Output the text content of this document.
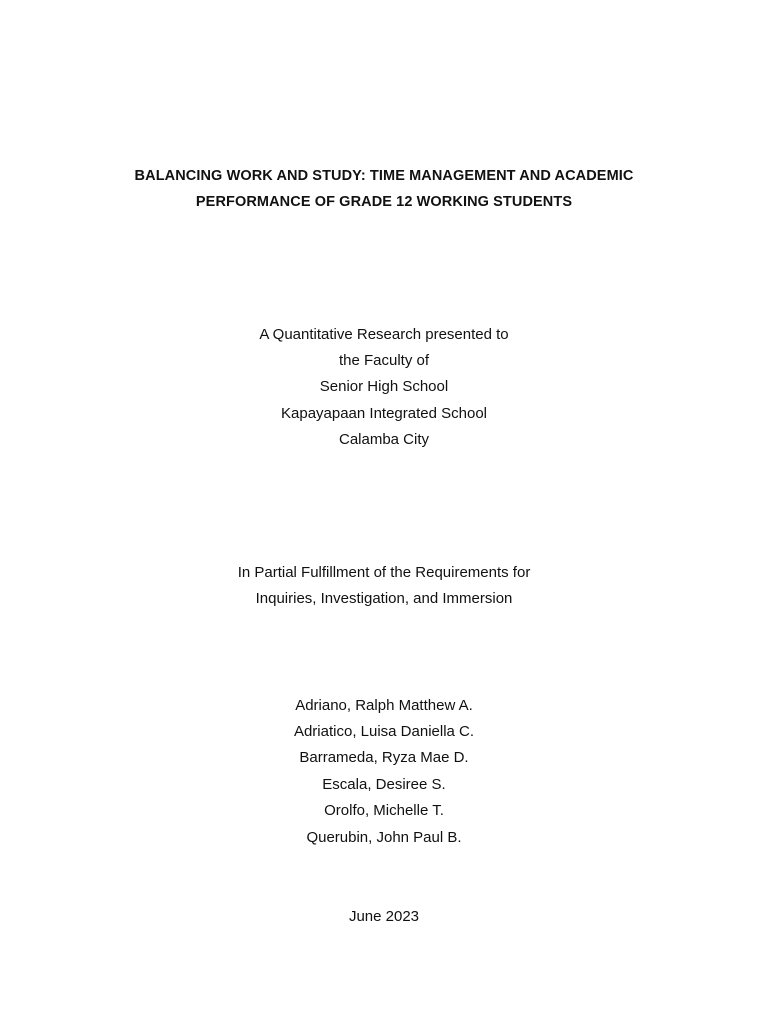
BALANCING WORK AND STUDY: TIME MANAGEMENT AND ACADEMIC
PERFORMANCE OF GRADE 12 WORKING STUDENTS
A Quantitative Research presented to
the Faculty of
Senior High School
Kapayapaan Integrated School
Calamba City
In Partial Fulfillment of the Requirements for
Inquiries, Investigation, and Immersion
Adriano, Ralph Matthew A.
Adriatico, Luisa Daniella C.
Barrameda, Ryza Mae D.
Escala, Desiree S.
Orolfo, Michelle T.
Querubin, John Paul B.
June 2023
